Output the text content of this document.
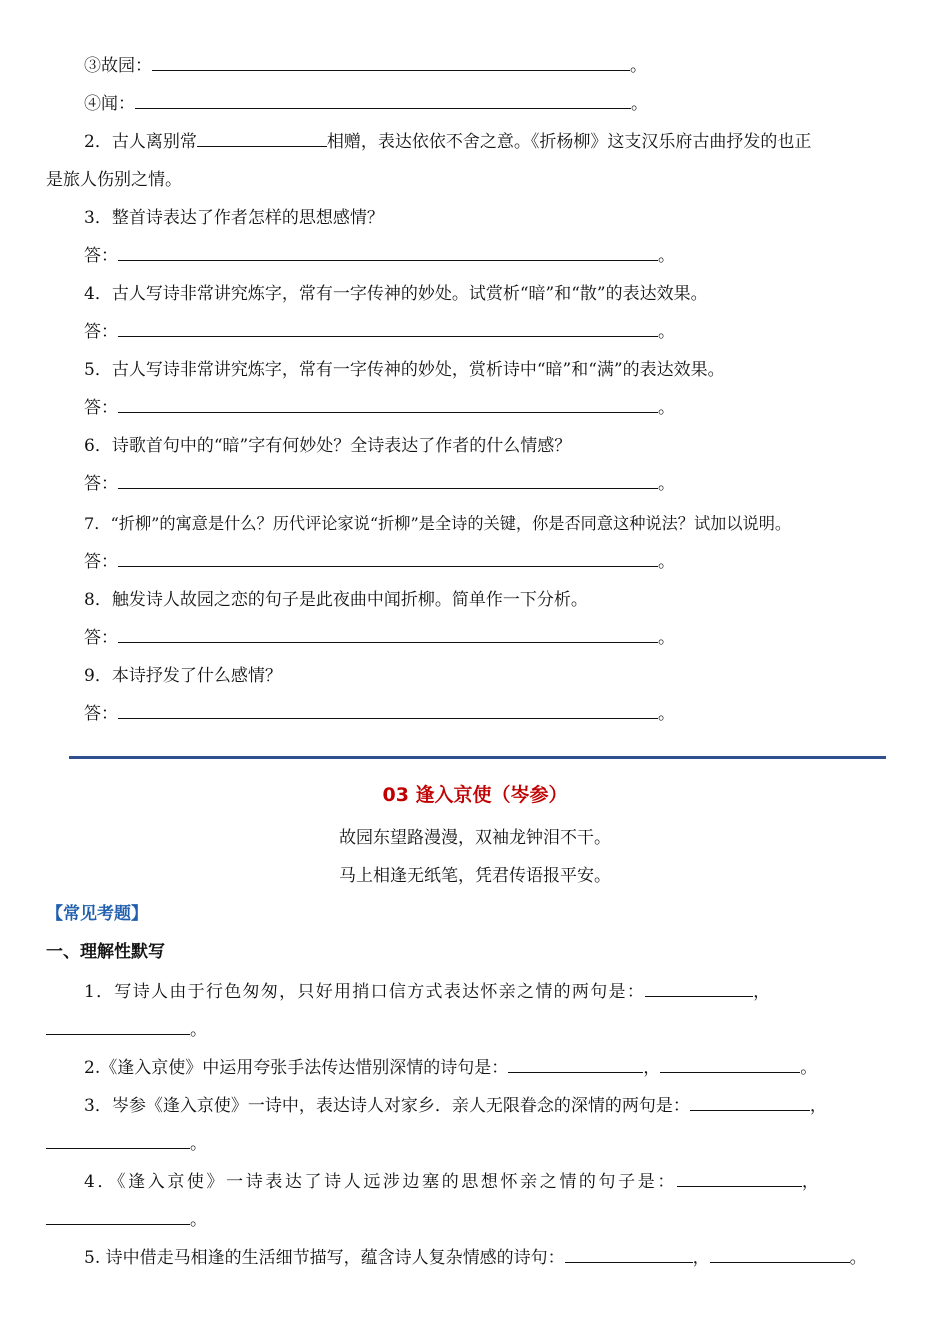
③故园：	。
④闻：	。
2．古人离别常	相赠，表达依依不舍之意。《折杨柳》这支汉乐府古曲抒发的也正
是旅人伤别之情。
3．整首诗表达了作者怎样的思想感情？
答：	。
4．古人写诗非常讲究炼字，常有一字传神的妙处。试赏析“暗”和“散”的表达效果。
答：	。
5．古人写诗非常讲究炼字，常有一字传神的妙处，赏析诗中“暗”和“满”的表达效果。
答：	。
6．诗歌首句中的“暗”字有何妙处？全诗表达了作者的什么情感？
答：	。
7．“折柳”的寓意是什么？历代评论家说“折柳”是全诗的关键，你是否同意这种说法？试加以说明。
答：	。
8．触发诗人故园之恋的句子是此夜曲中闻折柳。简单作一下分析。
答：	。
9．本诗抒发了什么感情？
答：	。
03 逢入京使（岑参）
故园东望路漫漫，双袖龙钟泪不干。
马上相逢无纸笔，凭君传语报平安。
【常见考题】
一、理解性默写
1．写诗人由于行色匆匆，只好用捎口信方式表达怀亲之情的两句是：	，
。
2.《逢入京使》中运用夸张手法传达惜别深情的诗句是：	，	。
3．岑参《逢入京使》一诗中，表达诗人对家乡．亲人无限眷念的深情的两句是：	，
。
4．《逢入京使》一诗表达了诗人远涉边塞的思想怀亲之情的句子是：	，
。
5. 诗中借走马相逢的生活细节描写，蕴含诗人复杂情感的诗句：	，	。
